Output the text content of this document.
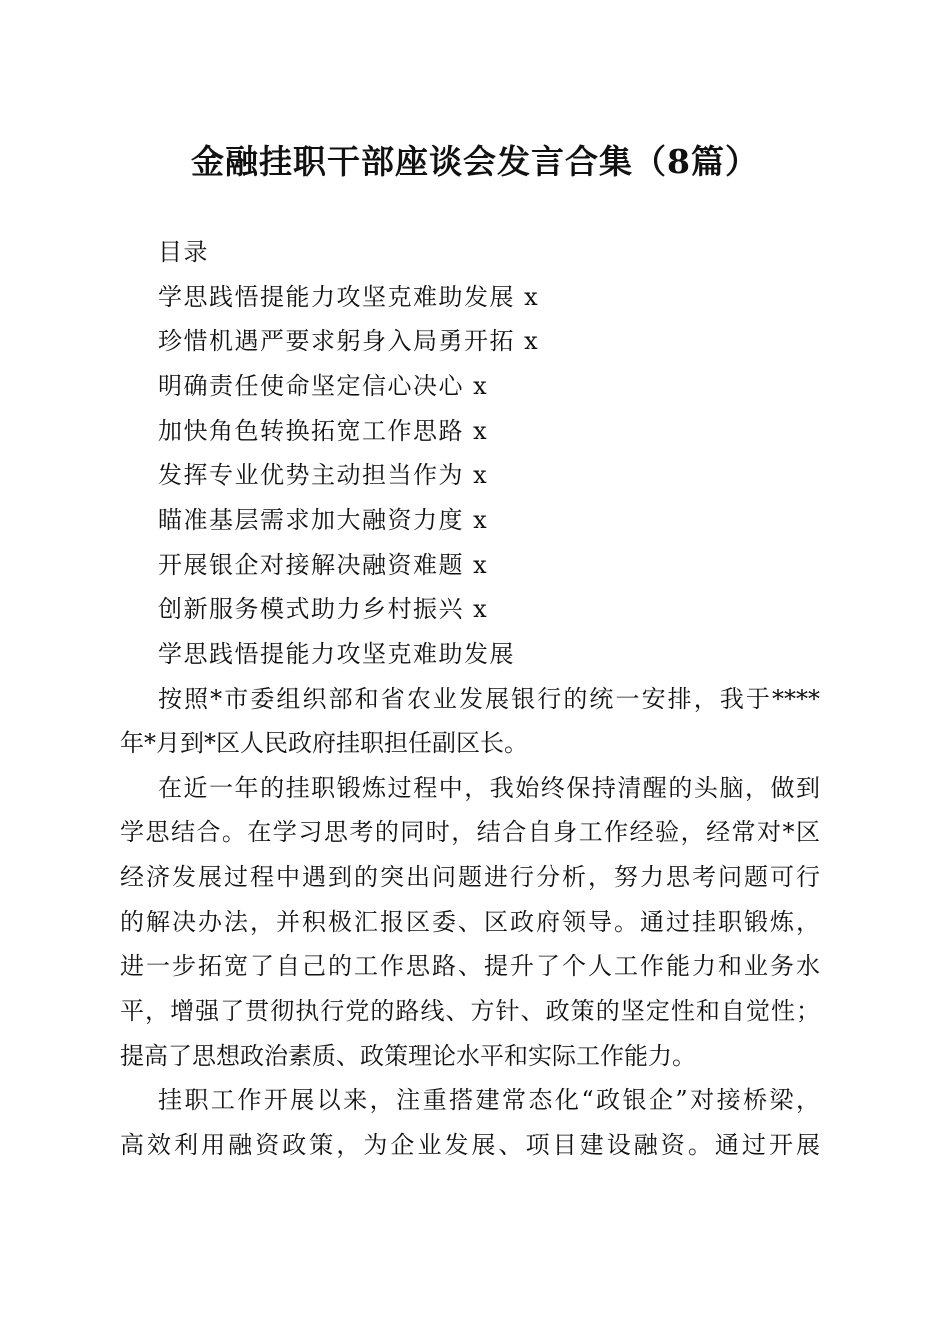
金融挂职干部座谈会发言合集（8篇）
目录
学思践悟提能力攻坚克难助发展 x
珍惜机遇严要求躬身入局勇开拓 x
明确责任使命坚定信心决心 x
加快角色转换拓宽工作思路 x
发挥专业优势主动担当作为 x
瞄准基层需求加大融资力度 x
开展银企对接解决融资难题 x
创新服务模式助力乡村振兴 x
学思践悟提能力攻坚克难助发展
按照*市委组织部和省农业发展银行的统一安排，我于****
年*月到*区人民政府挂职担任副区长。
在近一年的挂职锻炼过程中，我始终保持清醒的头脑，做到
学思结合。在学习思考的同时，结合自身工作经验，经常对*区
经济发展过程中遇到的突出问题进行分析，努力思考问题可行
的解决办法，并积极汇报区委、区政府领导。通过挂职锻炼，
进一步拓宽了自己的工作思路、提升了个人工作能力和业务水
平，增强了贯彻执行党的路线、方针、政策的坚定性和自觉性；
提高了思想政治素质、政策理论水平和实际工作能力。
挂职工作开展以来，注重搭建常态化“政银企”对接桥梁，
高效利用融资政策，为企业发展、项目建设融资。通过开展
